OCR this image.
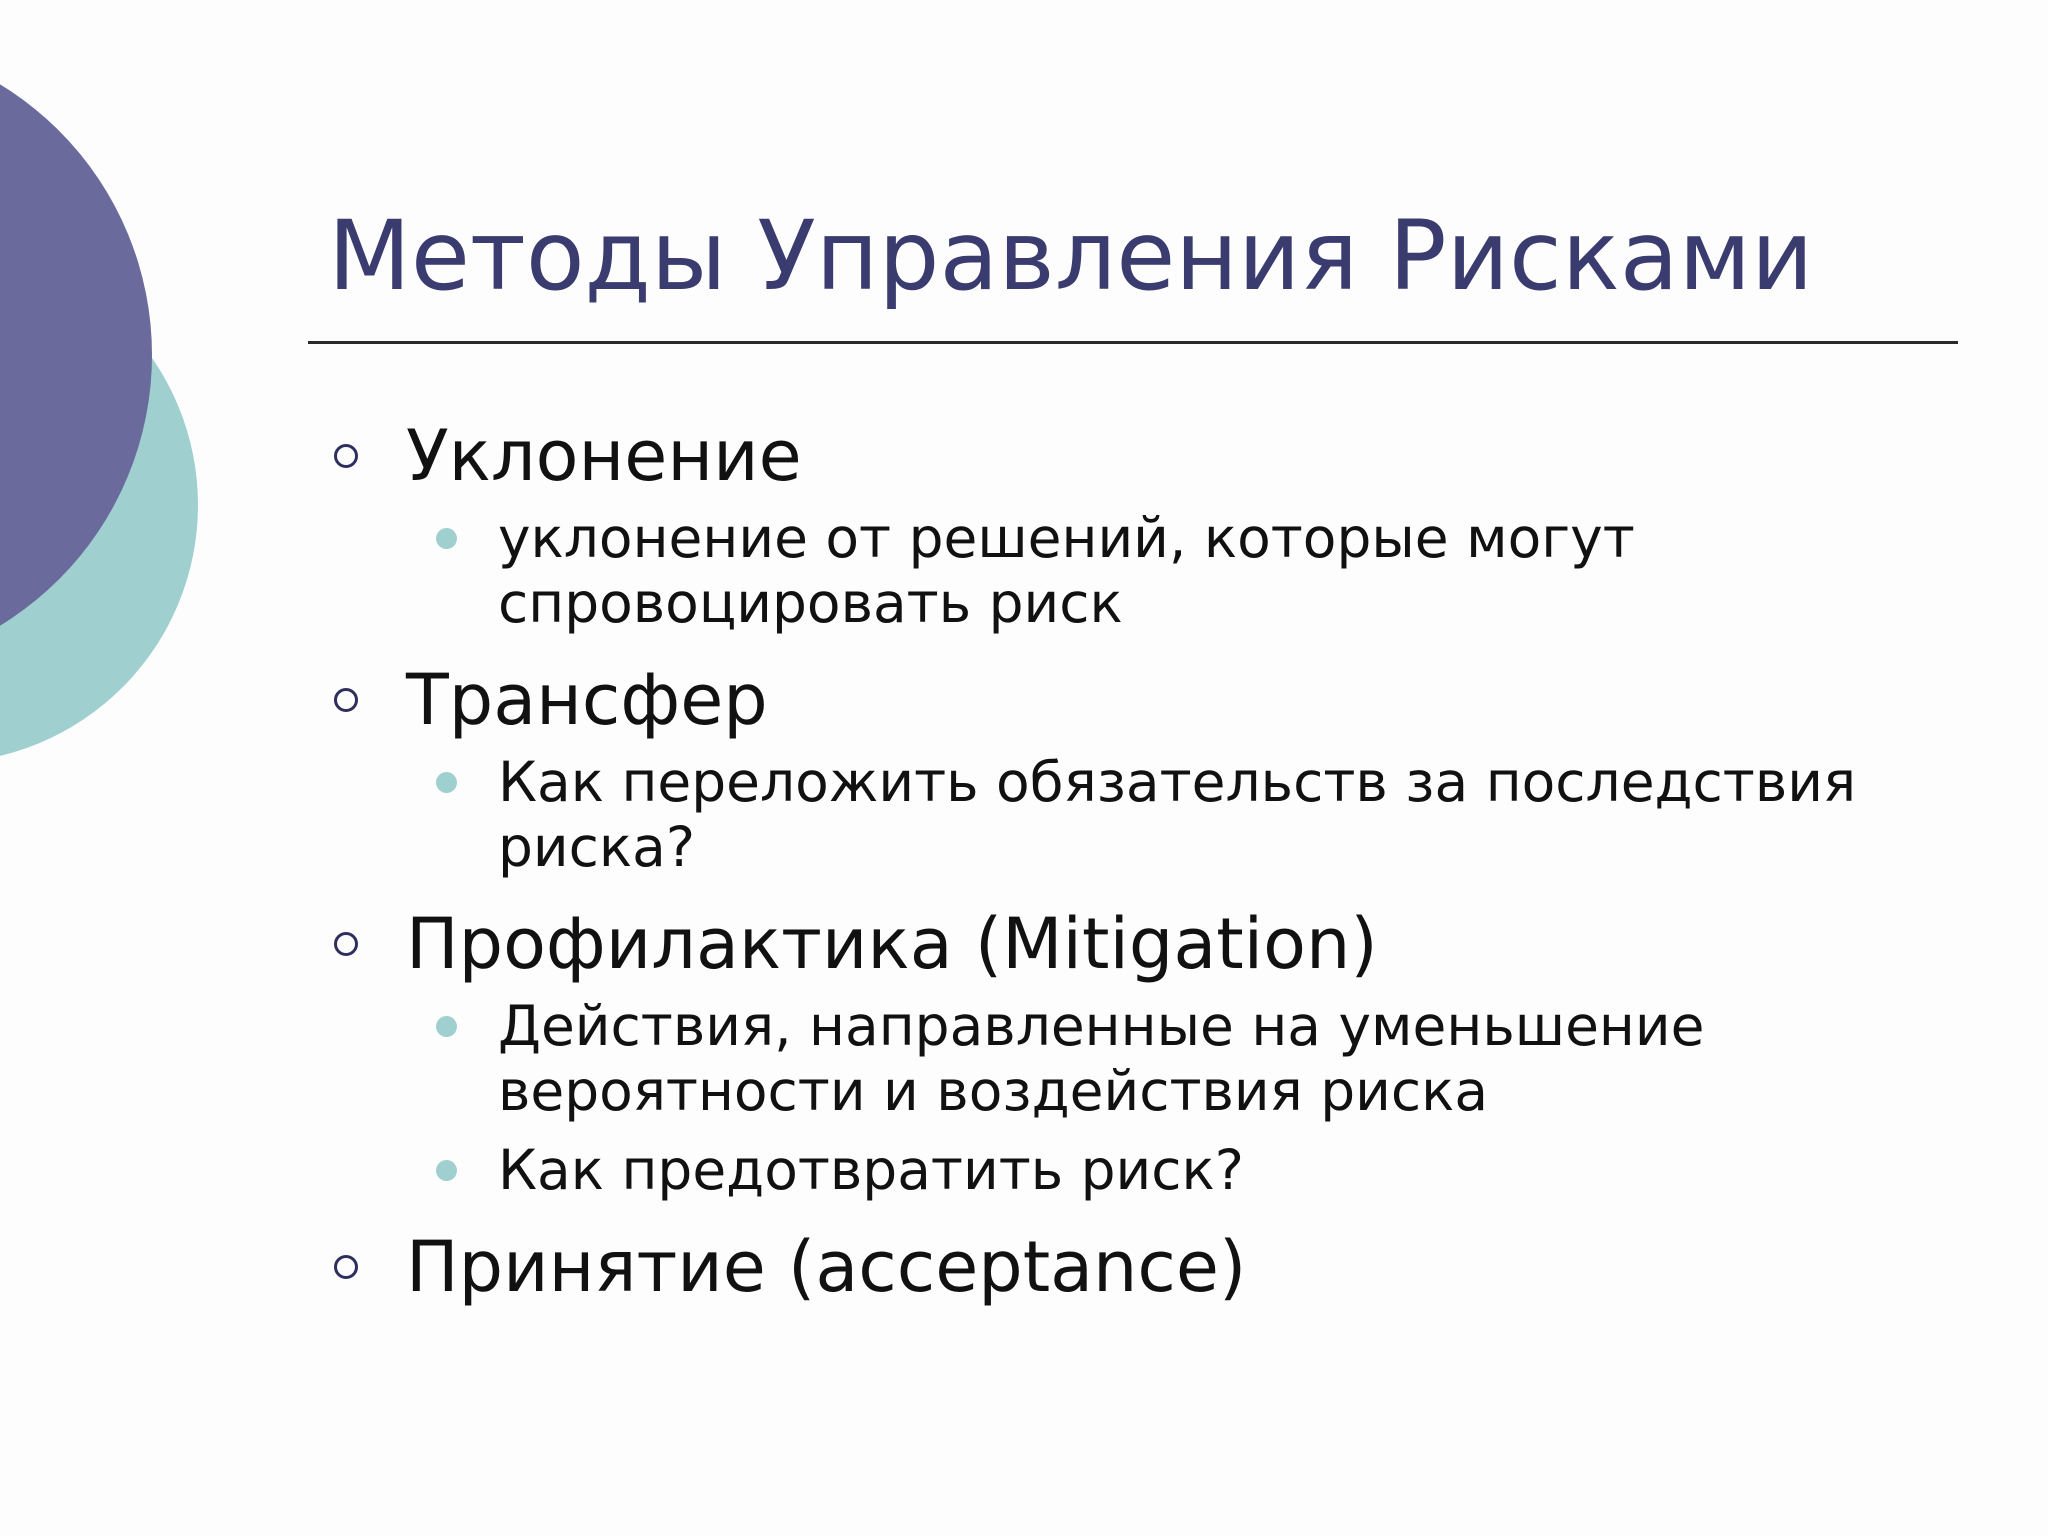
Методы Управления Рисками
Уклонение
уклонение от решений, которые могут спровоцировать риск
Трансфер
Как переложить обязательств за последствия риска?
Профилактика (Mitigation)
Действия, направленные на уменьшение вероятности и воздействия риска
Как предотвратить риск?
Принятие (acceptance)
